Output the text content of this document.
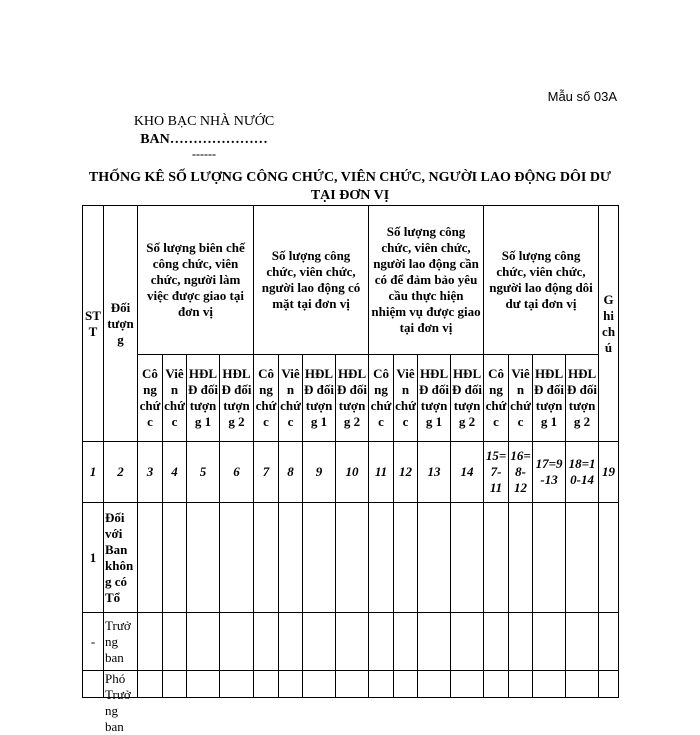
Mẫu số 03A
KHO BẠC NHÀ NƯỚC
BAN…………………
------
THỐNG KÊ SỐ LƯỢNG CÔNG CHỨC, VIÊN CHỨC, NGƯỜI LAO ĐỘNG DÔI DƯ TẠI ĐƠN VỊ
STT	Đối tượng	Số lượng biên chế công chức, viên chức, người làm việc được giao tại đơn vị				Số lượng công chức, viên chức, người lao động có mặt tại đơn vị				Số lượng công chức, viên chức, người lao động cần có để đảm bảo yêu cầu thực hiện nhiệm vụ được giao tại đơn vị				Số lượng công chức, viên chức, người lao động dôi dư tại đơn vị				Ghi chú
		Công chức	Viên chức	HĐLĐ đối tượng 1	HĐLĐ đối tượng 2	Công chức	Viên chức	HĐLĐ đối tượng 1	HĐLĐ đối tượng 2	Công chức	Viên chức	HĐLĐ đối tượng 1	HĐLĐ đối tượng 2	Công chức	Viên chức	HĐLĐ đối tượng 1	HĐLĐ đối tượng 2	
1	2	3	4	5	6	7	8	9	10	11	12	13	14	15=7-11	16=8-12	17=9-13	18=10-14	19
1	Đối với Ban không có Tổ																	
-	Trưởng ban																	

	Phó Trưởng ban																	
